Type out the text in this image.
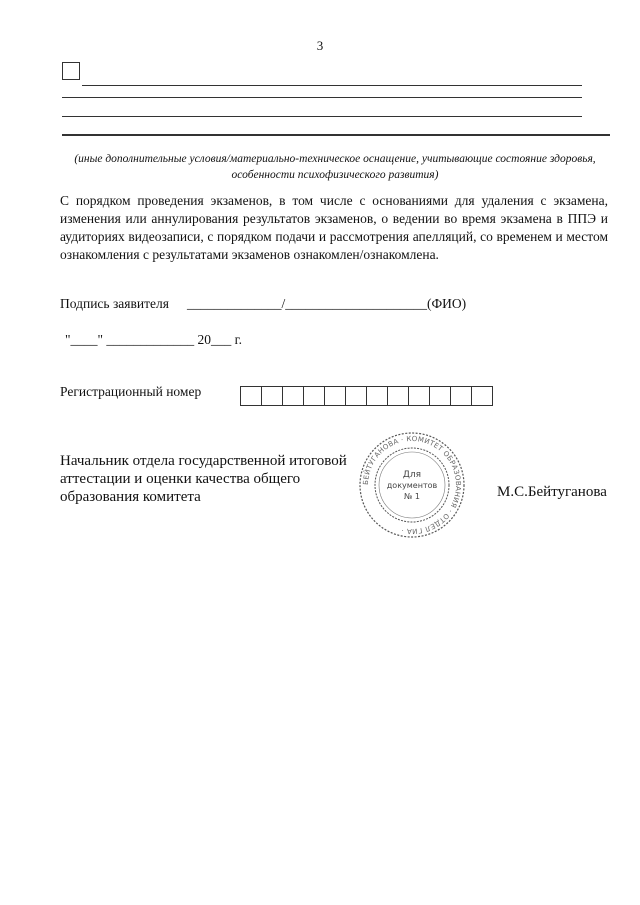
3
(иные дополнительные условия/материально-техническое оснащение, учитывающие состояние здоровья, особенности психофизического развития)
С порядком проведения экзаменов, в том числе с основаниями для удаления с экзамена, изменения или аннулирования результатов экзаменов, о ведении во время экзамена в ППЭ и аудиториях видеозаписи, с порядком подачи и рассмотрения апелляций, со временем и местом ознакомления с результатами экзаменов ознакомлен/ознакомлена.
Подпись заявителя ______________/_____________________(ФИО)
"____" _____________ 20___ г.
Регистрационный номер
Начальник отдела государственной итоговой аттестации и оценки качества общего образования комитета
БЕЙТУГАНОВА · КОМИТЕТ ОБРАЗОВАНИЯ · ОТДЕЛ ГИА ·
Для
документов
№ 1	М.С.Бейтуганова
